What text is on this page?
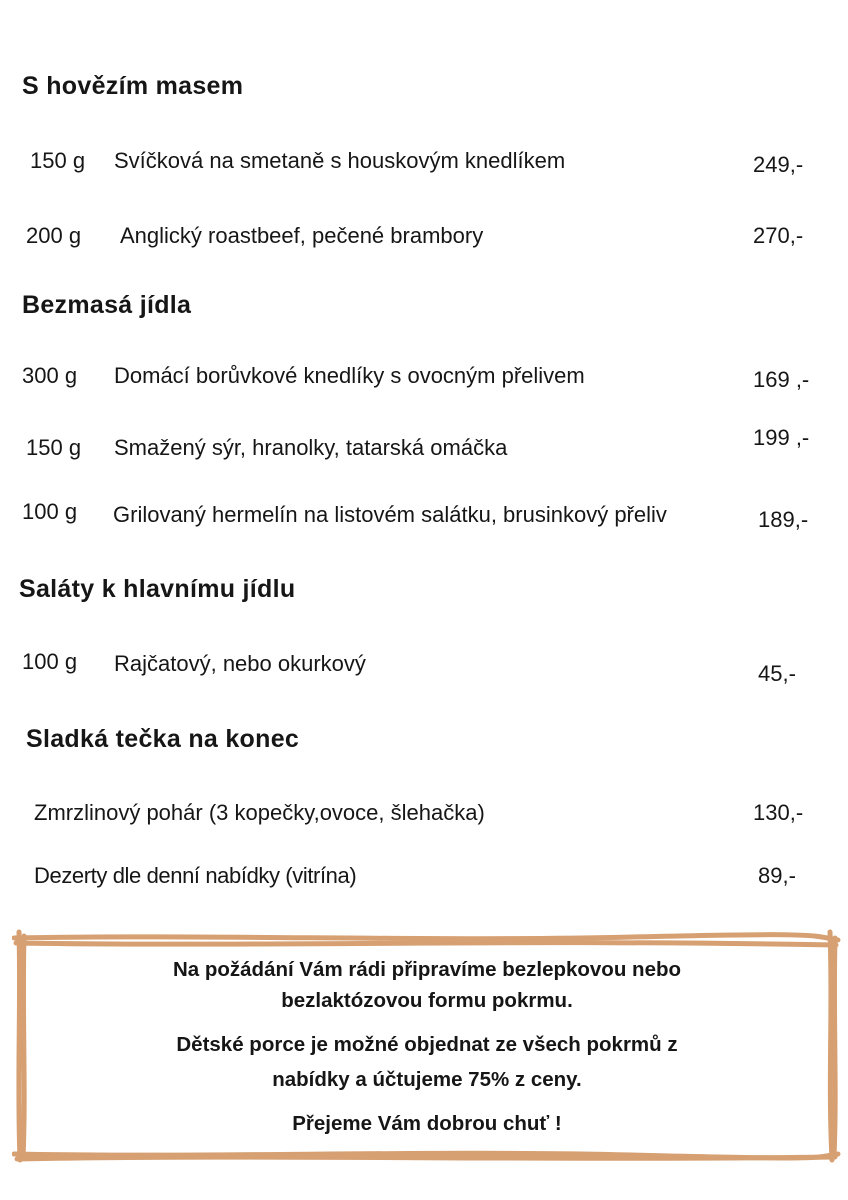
S hovězím masem
150 g Svíčková na smetaně s houskovým knedlíkem	249,-
200 g Anglický roastbeef, pečené brambory	270,-
Bezmasá jídla
300 g Domácí borůvkové knedlíky s ovocným přelivem	169 ,-
150 g Smažený sýr, hranolky, tatarská omáčka	199 ,-
100 g Grilovaný hermelín na listovém salátku, brusinkový přeliv	189,-
Saláty k hlavnímu jídlu
100 g Rajčatový, nebo okurkový	45,-
Sladká tečka na konec
Zmrzlinový pohár (3 kopečky,ovoce, šlehačka)	130,-
Dezerty dle denní nabídky (vitrína)	89,-
Na požádání Vám rádi připravíme bezlepkovou nebo
bezlaktózovou formu pokrmu.
Dětské porce je možné objednat ze všech pokrmů z
nabídky a účtujeme 75% z ceny.
Přejeme Vám dobrou chuť !
